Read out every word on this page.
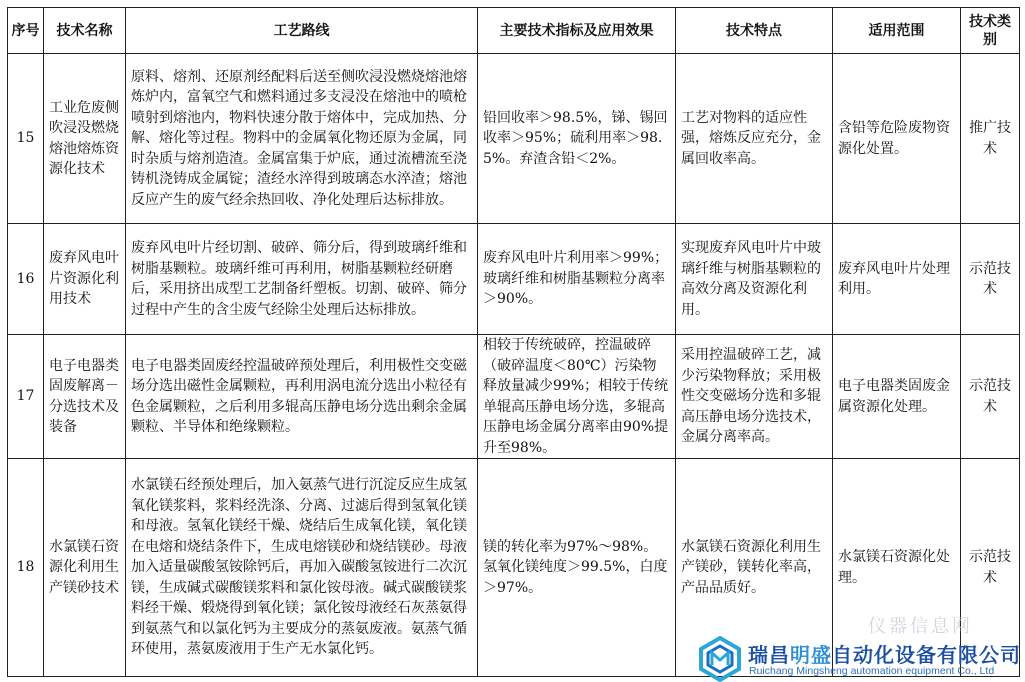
序号	技术名称	工艺路线	主要技术指标及应用效果	技术特点	适用范围	技术类别
15	工业危废侧吹浸没燃烧熔池熔炼资源化技术	原料、熔剂、还原剂经配料后送至侧吹浸没燃烧熔池熔炼炉内，富氧空气和燃料通过多支浸没在熔池中的喷枪喷射到熔池内，物料快速分散于熔体中，完成加热、分解、熔化等过程。物料中的金属氧化物还原为金属，同时杂质与熔剂造渣。金属富集于炉底，通过流槽流至浇铸机浇铸成金属锭；渣经水淬得到玻璃态水淬渣；熔池反应产生的废气经余热回收、净化处理后达标排放。	铅回收率＞98.5%，锑、锡回收率＞95%；硫利用率＞98.5%。弃渣含铅＜2%。	工艺对物料的适应性强，熔炼反应充分，金属回收率高。	含铅等危险废物资源化处置。	推广技术
16	废弃风电叶片资源化利用技术	废弃风电叶片经切割、破碎、筛分后，得到玻璃纤维和树脂基颗粒。玻璃纤维可再利用，树脂基颗粒经研磨后，采用挤出成型工艺制备纤塑板。切割、破碎、筛分过程中产生的含尘废气经除尘处理后达标排放。	废弃风电叶片利用率＞99%；玻璃纤维和树脂基颗粒分离率＞90%。	实现废弃风电叶片中玻璃纤维与树脂基颗粒的高效分离及资源化利用。	废弃风电叶片处理利用。	示范技术
17	电子电器类固废解离－分选技术及装备	电子电器类固废经控温破碎预处理后，利用极性交变磁场分选出磁性金属颗粒，再利用涡电流分选出小粒径有色金属颗粒，之后利用多辊高压静电场分选出剩余金属颗粒、半导体和绝缘颗粒。	相较于传统破碎，控温破碎（破碎温度＜80℃）污染物释放量减少99%；相较于传统单辊高压静电场分选，多辊高压静电场金属分离率由90%提升至98%。	采用控温破碎工艺，减少污染物释放；采用极性交变磁场分选和多辊高压静电场分选技术，金属分离率高。	电子电器类固废金属资源化处理。	示范技术
18	水氯镁石资源化利用生产镁砂技术	水氯镁石经预处理后，加入氨蒸气进行沉淀反应生成氢氧化镁浆料，浆料经洗涤、分离、过滤后得到氢氧化镁和母液。氢氧化镁经干燥、烧结后生成氧化镁，氧化镁在电熔和烧结条件下，生成电熔镁砂和烧结镁砂。母液加入适量碳酸氢铵除钙后，再加入碳酸氢铵进行二次沉镁，生成碱式碳酸镁浆料和氯化铵母液。碱式碳酸镁浆料经干燥、煅烧得到氧化镁；氯化铵母液经石灰蒸氨得到氨蒸气和以氯化钙为主要成分的蒸氨废液。氨蒸气循环使用，蒸氨废液用于生产无水氯化钙。	镁的转化率为97%～98%。氢氧化镁纯度＞99.5%，白度＞97%。	水氯镁石资源化利用生产镁砂，镁转化率高，产品品质好。	水氯镁石资源化处理。	示范技术
仪器信息网
瑞昌明盛自动化设备有限公司
Ruichang Mingsheng automation equipment Co., Ltd
